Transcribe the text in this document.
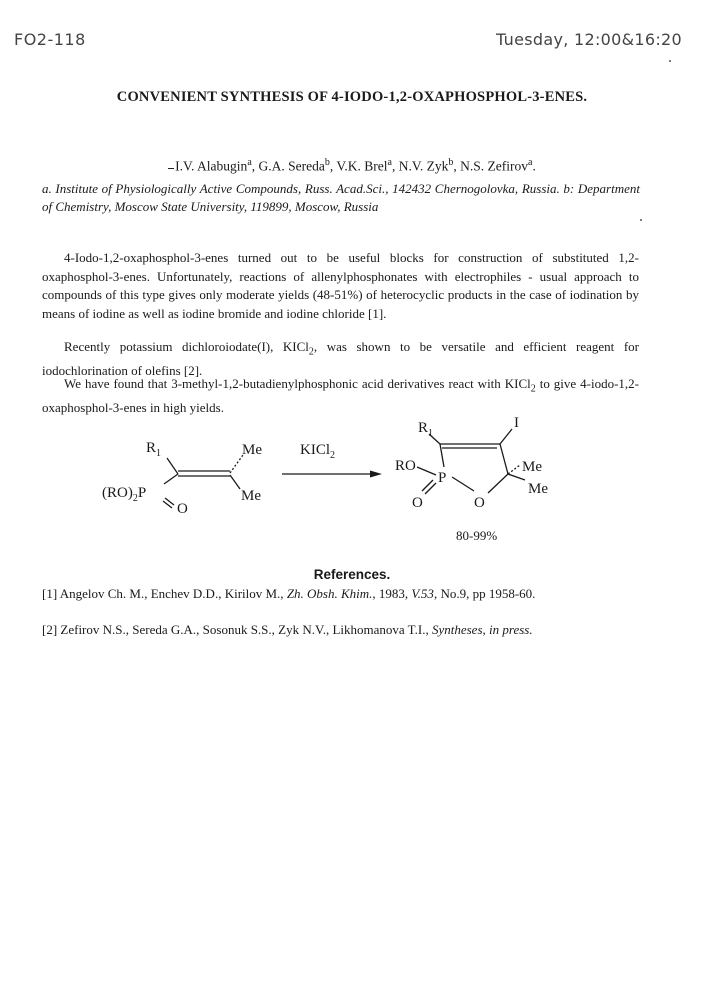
FO2-118	Tuesday, 12:00&16:20
CONVENIENT SYNTHESIS OF 4-IODO-1,2-OXAPHOSPHOL-3-ENES.
I.V. Alabugin$^a$, G.A. Sereda$^b$, V.K. Brel$^a$, N.V. Zyk$^b$, N.S. Zefirov$^a$.
a. Institute of Physiologically Active Compounds, Russ. Acad.Sci., 142432 Chernogolovka, Russia. b: Department of Chemistry, Moscow State University, 119899, Moscow, Russia
4-Iodo-1,2-oxaphosphol-3-enes turned out to be useful blocks for construction of substituted 1,2-oxaphosphol-3-enes. Unfortunately, reactions of allenylphosphonates with electrophiles - usual approach to compounds of this type gives only moderate yields (48-51%) of heterocyclic products in the case of iodination by means of iodine as well as iodine bromide and iodine chloride [1].
Recently potassium dichloroiodate(I), KICl$_2$, was shown to be versatile and efficient reagent for iodochlorination of olefins [2].
We have found that 3-methyl-1,2-butadienylphosphonic acid derivatives react with KICl$_2$ to give 4-iodo-1,2-oxaphosphol-3-enes in high yields.
$R_1$	Me
Me
$(RO)_2P$
O
KICl$_2$
$R_1$
I
RO
P
O	O
Me
Me
80-99%
References.
[1] Angelov Ch. M., Enchev D.D., Kirilov M., Zh. Obsh. Khim., 1983, V.53, No.9, pp 1958-60.
[2] Zefirov N.S., Sereda G.A., Sosonuk S.S., Zyk N.V., Likhomanova T.I., Syntheses, in press.
